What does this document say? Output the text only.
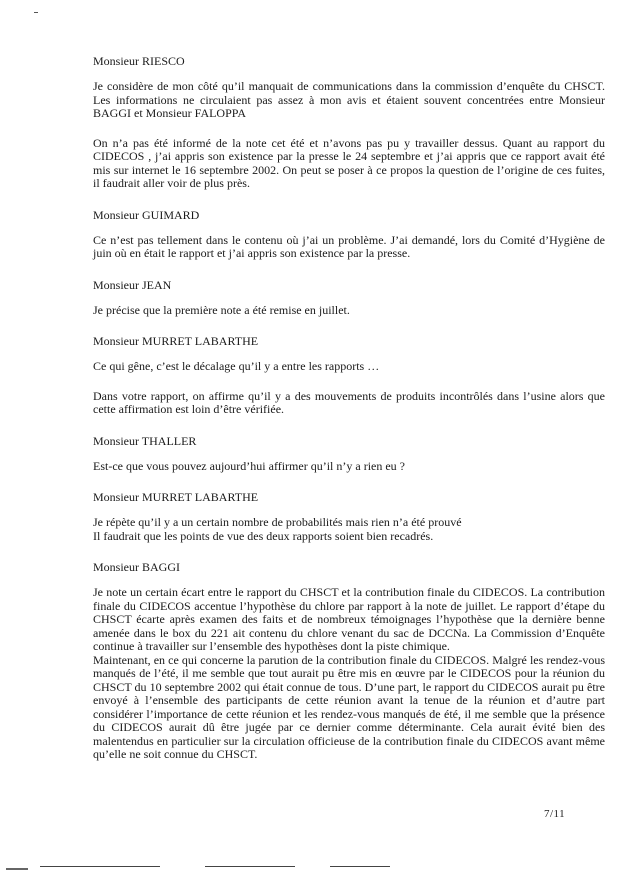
Monsieur RIESCO

Je considère de mon côté qu’il manquait de communications dans la commission d’enquête du CHSCT. Les informations ne circulaient pas assez à mon avis et étaient souvent concentrées entre Monsieur BAGGI et Monsieur FALOPPA

On n’a pas été informé de la note cet été et n’avons pas pu y travailler dessus. Quant au rapport du CIDECOS , j’ai appris son existence par la presse le 24 septembre et j’ai appris que ce rapport avait été mis sur internet le 16 septembre 2002. On peut se poser à ce propos la question de l’origine de ces fuites, il faudrait aller voir de plus près.

Monsieur GUIMARD

Ce n’est pas tellement dans le contenu où j’ai un problème. J’ai demandé, lors du Comité d’Hygiène de juin où en était le rapport et j’ai appris son existence par la presse.

Monsieur JEAN

Je précise que la première note a été remise en juillet.

Monsieur MURRET LABARTHE

Ce qui gêne, c’est le décalage qu’il y a entre les rapports …

Dans votre rapport, on affirme qu’il y a des mouvements de produits incontrôlés dans l’usine alors que cette affirmation est loin d’être vérifiée.

Monsieur THALLER

Est-ce que vous pouvez aujourd’hui affirmer qu’il n’y a rien eu ?

Monsieur MURRET LABARTHE

Je répète qu’il y a un certain nombre de probabilités mais rien n’a été prouvé
Il faudrait que les points de vue des deux rapports soient bien recadrés.

Monsieur BAGGI

Je note un certain écart entre le rapport du CHSCT et la contribution finale du CIDECOS. La contribution finale du CIDECOS accentue l’hypothèse du chlore par rapport à la note de juillet. Le rapport d’étape du CHSCT écarte après examen des faits et de nombreux témoignages l’hypothèse que la dernière benne amenée dans le box du 221 ait contenu du chlore venant du sac de DCCNa. La Commission d’Enquête continue à travailler sur l’ensemble des hypothèses dont la piste chimique.
Maintenant, en ce qui concerne la parution de la contribution finale du CIDECOS. Malgré les rendez-vous manqués de l’été, il me semble que tout aurait pu être mis en œuvre par le CIDECOS pour la réunion du CHSCT du 10 septembre 2002 qui était connue de tous. D’une part, le rapport du CIDECOS aurait pu être envoyé à l’ensemble des participants de cette réunion avant la tenue de la réunion et d’autre part considérer l’importance de cette réunion et les rendez-vous manqués de été, il me semble que la présence du CIDECOS aurait dû être jugée par ce dernier comme déterminante. Cela aurait évité bien des malentendus en particulier sur la circulation officieuse de la contribution finale du CIDECOS avant même qu’elle ne soit connue du CHSCT.

7/11
